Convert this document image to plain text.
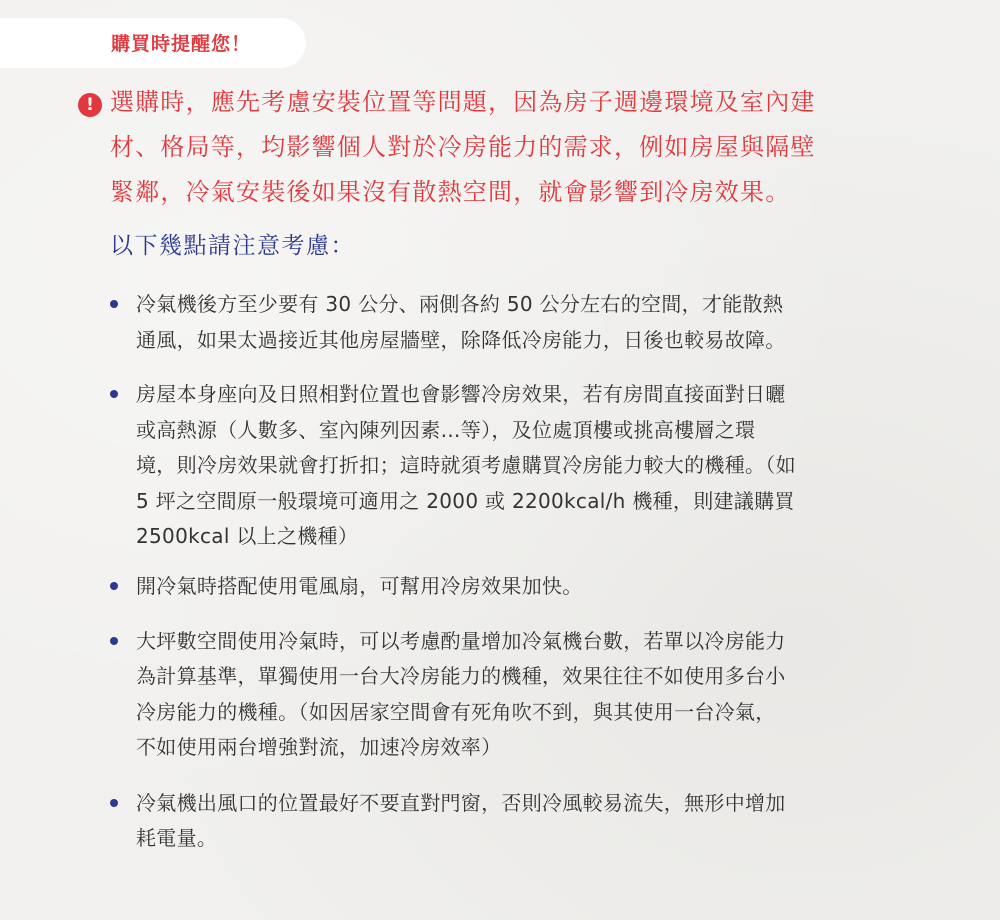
購買時提醒您！
! 選購時，應先考慮安裝位置等問題，因為房子週邊環境及室內建

材、格局等，均影響個人對於冷房能力的需求，例如房屋與隔壁

緊鄰，冷氣安裝後如果沒有散熱空間，就會影響到冷房效果。

以下幾點請注意考慮：
冷氣機後方至少要有 30 公分、兩側各約 50 公分左右的空間，才能散熱
通風，如果太過接近其他房屋牆壁，除降低冷房能力，日後也較易故障。
房屋本身座向及日照相對位置也會影響冷房效果，若有房間直接面對日曬
或高熱源（人數多、室內陳列因素…等），及位處頂樓或挑高樓層之環
境，則冷房效果就會打折扣；這時就須考慮購買冷房能力較大的機種。（如
5 坪之空間原一般環境可適用之 2000 或 2200kcal/h 機種，則建議購買
2500kcal 以上之機種）
開冷氣時搭配使用電風扇，可幫用冷房效果加快。
大坪數空間使用冷氣時，可以考慮酌量增加冷氣機台數，若單以冷房能力
為計算基準，單獨使用一台大冷房能力的機種，效果往往不如使用多台小
冷房能力的機種。（如因居家空間會有死角吹不到，與其使用一台冷氣，
不如使用兩台增強對流，加速冷房效率）
冷氣機出風口的位置最好不要直對門窗，否則冷風較易流失，無形中增加
耗電量。
